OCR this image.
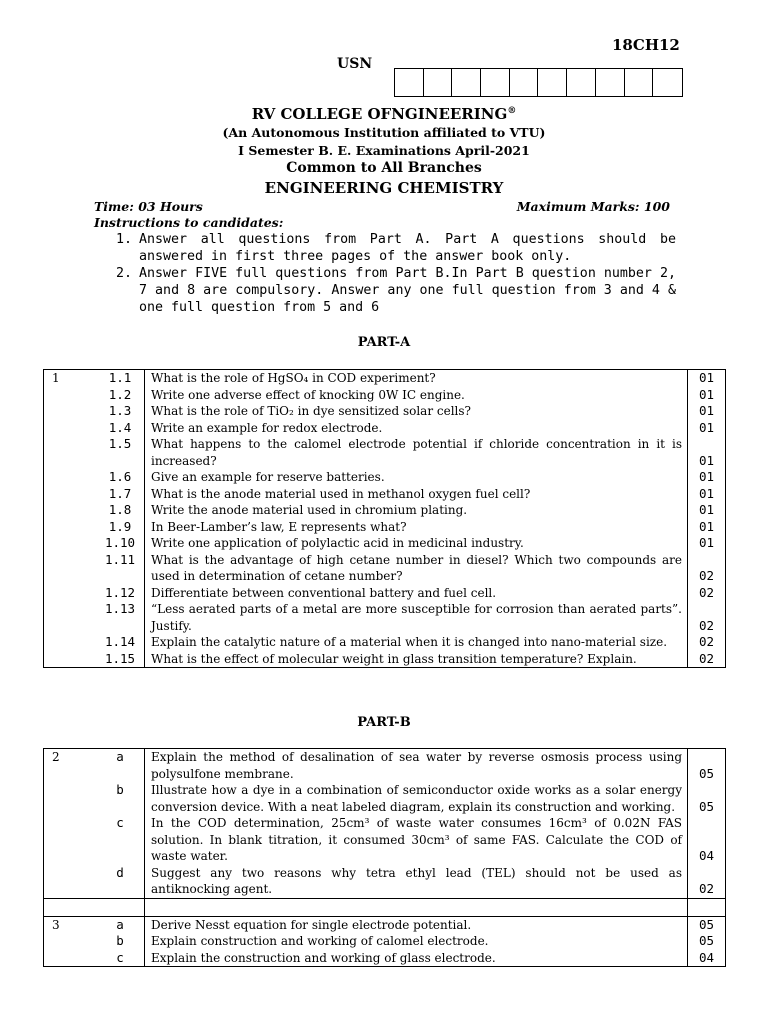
18CH12
USN
RV COLLEGE OFNGINEERING®
(An Autonomous Institution affiliated to VTU)
I Semester B. E. Examinations April-2021
Common to All Branches
ENGINEERING CHEMISTRY
Time: 03 Hours	Maximum Marks: 100
Instructions to candidates:
1. Answer all questions from Part A. Part A questions should be answered in first three pages of the answer book only.
2. Answer FIVE full questions from Part B.In Part B question number 2, 7 and 8 are compulsory. Answer any one full question from 3 and 4 & one full question from 5 and 6
PART-A
1	1.1	What is the role of HgSO₄ in COD experiment?	01
	1.2	Write one adverse effect of knocking 0W IC engine.	01
	1.3	What is the role of TiO₂ in dye sensitized solar cells?	01
	1.4	Write an example for redox electrode.	01
	1.5	What happens to the calomel electrode potential if chloride concentration in it is increased?	01
	1.6	Give an example for reserve batteries.	01
	1.7	What is the anode material used in methanol oxygen fuel cell?	01
	1.8	Write the anode material used in chromium plating.	01
	1.9	In Beer-Lamber’s law, E represents what?	01
	1.10	Write one application of polylactic acid in medicinal industry.	01
	1.11	What is the advantage of high cetane number in diesel? Which two compounds are used in determination of cetane number?	02
	1.12	Differentiate between conventional battery and fuel cell.	02
	1.13	“Less aerated parts of a metal are more susceptible for corrosion than aerated parts”. Justify.	02
	1.14	Explain the catalytic nature of a material when it is changed into nano-material size.	02
	1.15	What is the effect of molecular weight in glass transition temperature? Explain.	02
PART-B
2	a	Explain the method of desalination of sea water by reverse osmosis process using polysulfone membrane.	05
	b	Illustrate how a dye in a combination of semiconductor oxide works as a solar energy conversion device. With a neat labeled diagram, explain its construction and working.	05
	c	In the COD determination, 25cm³ of waste water consumes 16cm³ of 0.02N FAS solution. In blank titration, it consumed 30cm³ of same FAS. Calculate the COD of waste water.	04
	d	Suggest any two reasons why tetra ethyl lead (TEL) should not be used as antiknocking agent.	02

3	a	Derive Nesst equation for single electrode potential.	05
	b	Explain construction and working of calomel electrode.	05
	c	Explain the construction and working of glass electrode.	04
